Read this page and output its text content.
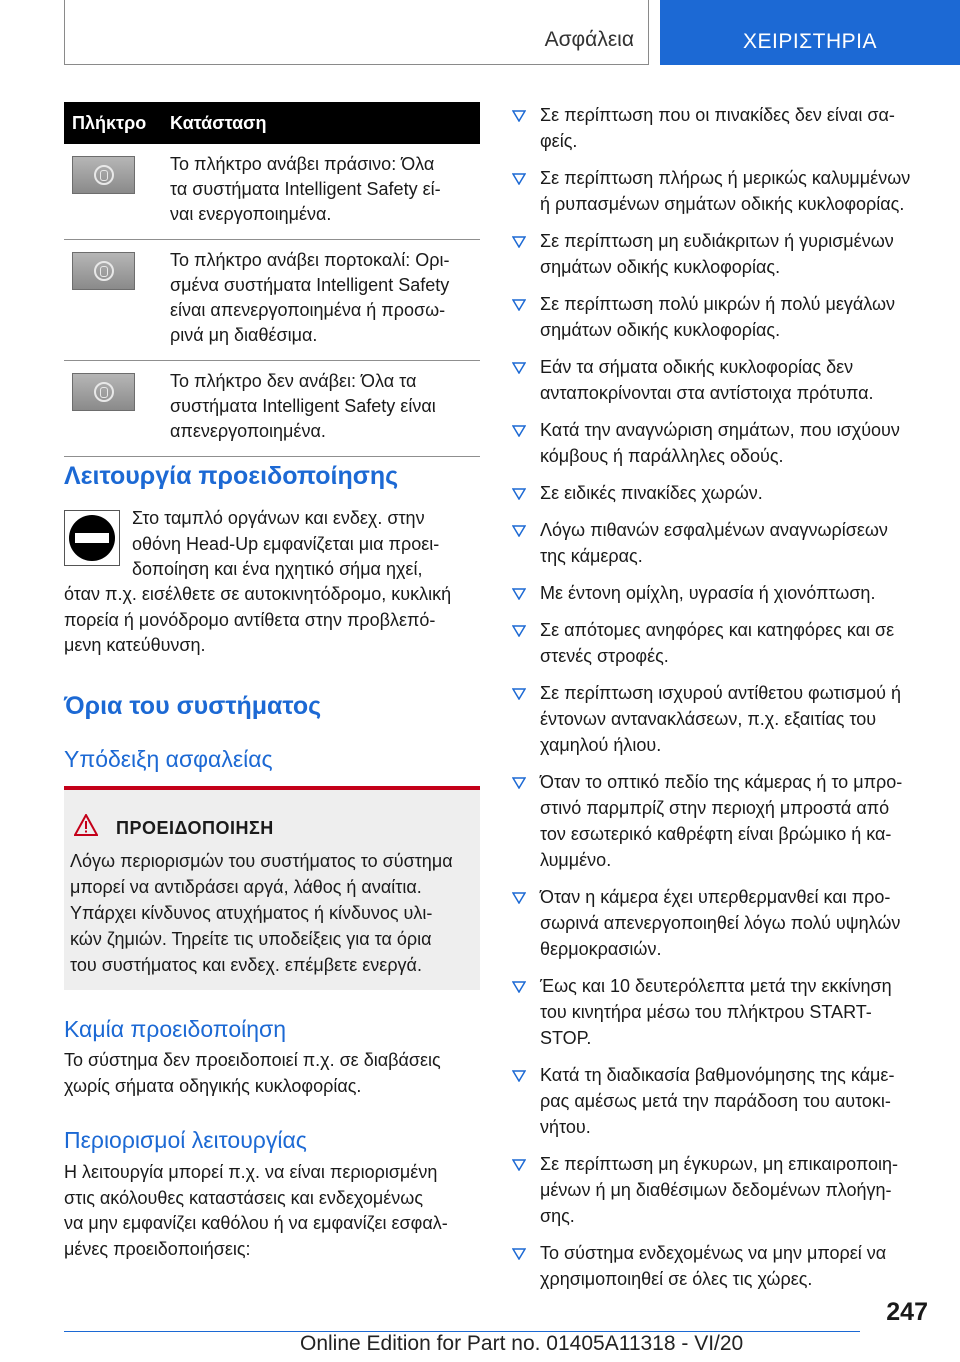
Ασφάλεια	ΧΕΙΡΙΣΤΗΡΙΑ
Πλήκτρο	Κατάσταση
Το πλήκτρο ανάβει πράσινο: Όλα
τα συστήματα Intelligent Safety εί-
ναι ενεργοποιημένα.
Το πλήκτρο ανάβει πορτοκαλί: Ορι-
σμένα συστήματα Intelligent Safety
είναι απενεργοποιημένα ή προσω-
ρινά μη διαθέσιμα.
Το πλήκτρο δεν ανάβει: Όλα τα
συστήματα Intelligent Safety είναι
απενεργοποιημένα.
Λειτουργία προειδοποίησης
Στο ταμπλό οργάνων και ενδεχ. στην
οθόνη Head-Up εμφανίζεται μια προει-
δοποίηση και ένα ηχητικό σήμα ηχεί,
όταν π.χ. εισέλθετε σε αυτοκινητόδρομο, κυκλική
πορεία ή μονόδρομο αντίθετα στην προβλεπό-
μενη κατεύθυνση.
Όρια του συστήματος
Υπόδειξη ασφαλείας
ΠΡΟΕΙΔΟΠΟΙΗΣΗ
Λόγω περιορισμών του συστήματος το σύστημα
μπορεί να αντιδράσει αργά, λάθος ή αναίτια.
Υπάρχει κίνδυνος ατυχήματος ή κίνδυνος υλι-
κών ζημιών. Τηρείτε τις υποδείξεις για τα όρια
του συστήματος και ενδεχ. επέμβετε ενεργά.
Καμία προειδοποίηση
Το σύστημα δεν προειδοποιεί π.χ. σε διαβάσεις
χωρίς σήματα οδηγικής κυκλοφορίας.
Περιορισμοί λειτουργίας
Η λειτουργία μπορεί π.χ. να είναι περιορισμένη
στις ακόλουθες καταστάσεις και ενδεχομένως
να μην εμφανίζει καθόλου ή να εμφανίζει εσφαλ-
μένες προειδοποιήσεις:
Σε περίπτωση που οι πινακίδες δεν είναι σα-
φείς.
Σε περίπτωση πλήρως ή μερικώς καλυμμένων
ή ρυπασμένων σημάτων οδικής κυκλοφορίας.
Σε περίπτωση μη ευδιάκριτων ή γυρισμένων
σημάτων οδικής κυκλοφορίας.
Σε περίπτωση πολύ μικρών ή πολύ μεγάλων
σημάτων οδικής κυκλοφορίας.
Εάν τα σήματα οδικής κυκλοφορίας δεν
ανταποκρίνονται στα αντίστοιχα πρότυπα.
Κατά την αναγνώριση σημάτων, που ισχύουν
κόμβους ή παράλληλες οδούς.
Σε ειδικές πινακίδες χωρών.
Λόγω πιθανών εσφαλμένων αναγνωρίσεων
της κάμερας.
Με έντονη ομίχλη, υγρασία ή χιονόπτωση.
Σε απότομες ανηφόρες και κατηφόρες και σε
στενές στροφές.
Σε περίπτωση ισχυρού αντίθετου φωτισμού ή
έντονων αντανακλάσεων, π.χ. εξαιτίας του
χαμηλού ήλιου.
Όταν το οπτικό πεδίο της κάμερας ή το μπρο-
στινό παρμπρίζ στην περιοχή μπροστά από
τον εσωτερικό καθρέφτη είναι βρώμικο ή κα-
λυμμένο.
Όταν η κάμερα έχει υπερθερμανθεί και προ-
σωρινά απενεργοποιηθεί λόγω πολύ υψηλών
θερμοκρασιών.
Έως και 10 δευτερόλεπτα μετά την εκκίνηση
του κινητήρα μέσω του πλήκτρου START-
STOP.
Κατά τη διαδικασία βαθμονόμησης της κάμε-
ρας αμέσως μετά την παράδοση του αυτοκι-
νήτου.
Σε περίπτωση μη έγκυρων, μη επικαιροποιη-
μένων ή μη διαθέσιμων δεδομένων πλοήγη-
σης.
Το σύστημα ενδεχομένως να μην μπορεί να
χρησιμοποιηθεί σε όλες τις χώρες.
247
Online Edition for Part no. 01405A11318 - VI/20
